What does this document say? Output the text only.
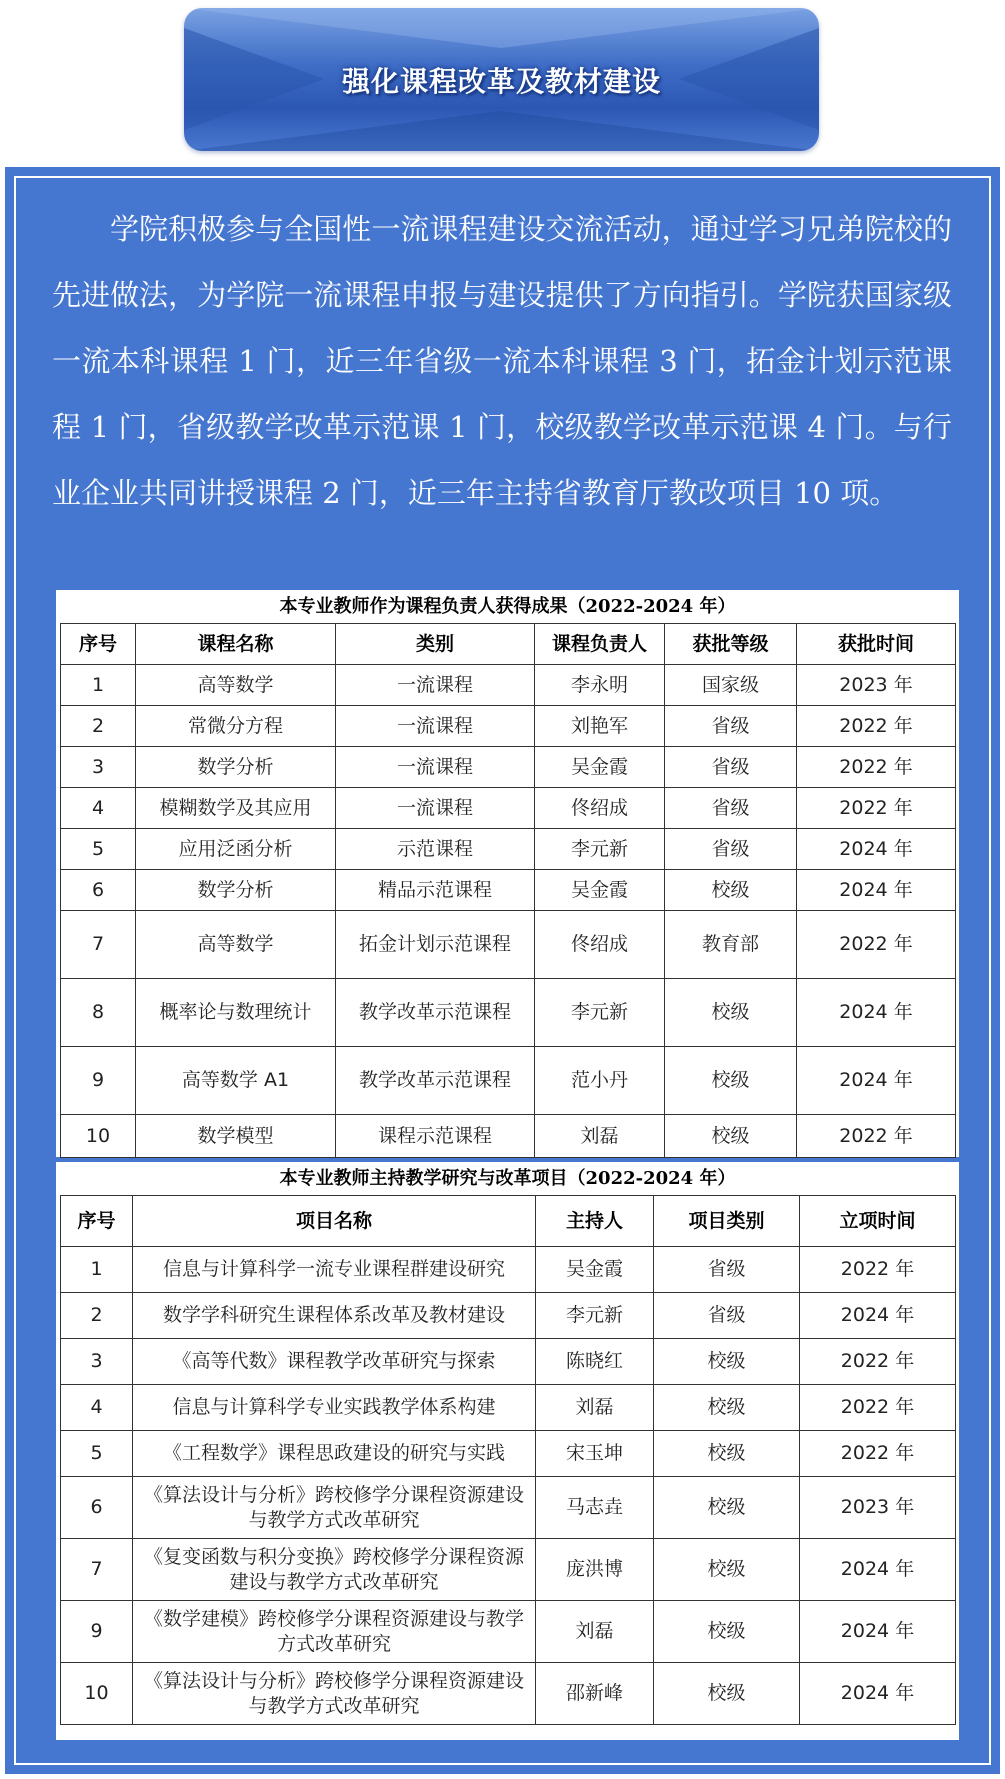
强化课程改革及教材建设

学院积极参与全国性一流课程建设交流活动，通过学习兄弟院校的先进做法，为学院一流课程申报与建设提供了方向指引。学院获国家级一流本科课程 1 门，近三年省级一流本科课程 3 门，拓金计划示范课程 1 门，省级教学改革示范课 1 门，校级教学改革示范课 4 门。与行业企业共同讲授课程 2 门，近三年主持省教育厅教改项目 10 项。

本专业教师作为课程负责人获得成果（2022-2024 年）
序号	课程名称	类别	课程负责人	获批等级	获批时间
1	高等数学	一流课程	李永明	国家级	2023 年
2	常微分方程	一流课程	刘艳军	省级	2022 年
3	数学分析	一流课程	吴金霞	省级	2022 年
4	模糊数学及其应用	一流课程	佟绍成	省级	2022 年
5	应用泛函分析	示范课程	李元新	省级	2024 年
6	数学分析	精品示范课程	吴金霞	校级	2024 年
7	高等数学	拓金计划示范课程	佟绍成	教育部	2022 年
8	概率论与数理统计	教学改革示范课程	李元新	校级	2024 年
9	高等数学 A1	教学改革示范课程	范小丹	校级	2024 年
10	数学模型	课程示范课程	刘磊	校级	2022 年
本专业教师主持教学研究与改革项目（2022-2024 年）
序号	项目名称	主持人	项目类别	立项时间
1	信息与计算科学一流专业课程群建设研究	吴金霞	省级	2022 年
2	数学学科研究生课程体系改革及教材建设	李元新	省级	2024 年
3	《高等代数》课程教学改革研究与探索	陈晓红	校级	2022 年
4	信息与计算科学专业实践教学体系构建	刘磊	校级	2022 年
5	《工程数学》课程思政建设的研究与实践	宋玉坤	校级	2022 年
6	《算法设计与分析》跨校修学分课程资源建设与教学方式改革研究	马志垚	校级	2023 年
7	《复变函数与积分变换》跨校修学分课程资源建设与教学方式改革研究	庞洪博	校级	2024 年
9	《数学建模》跨校修学分课程资源建设与教学方式改革研究	刘磊	校级	2024 年
10	《算法设计与分析》跨校修学分课程资源建设与教学方式改革研究	邵新峰	校级	2024 年
